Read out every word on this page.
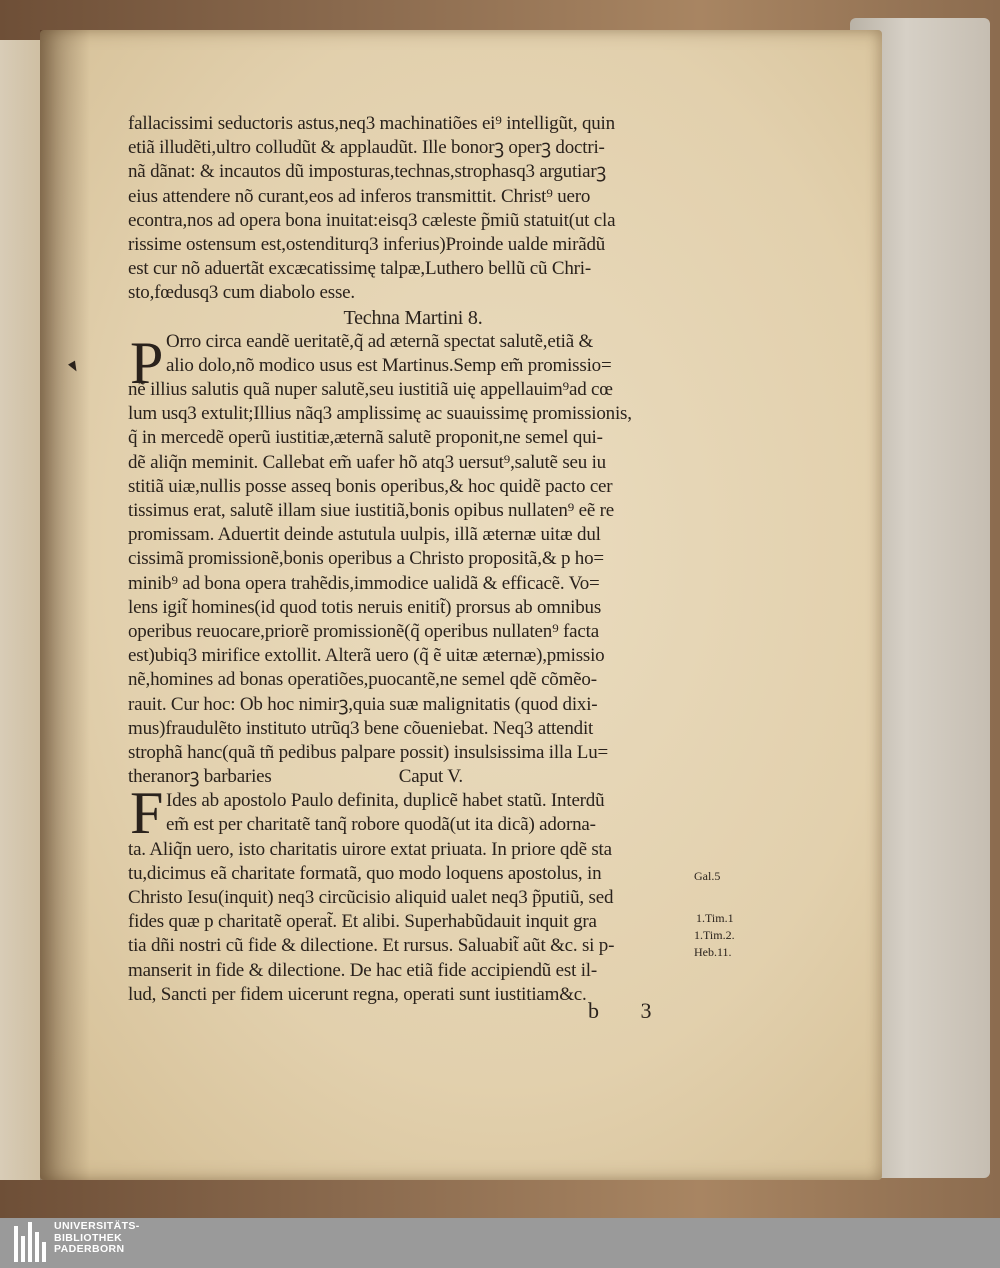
fallacissimi seductoris astus,neq3 machinatiões ei⁹ intelligũt, quin
etiã illudẽti,ultro colludũt & applaudũt. Ille bonorꝫ operꝫ doctri-
nã dãnat: & incautos dũ imposturas,technas,strophasq3 argutiarꝫ
eius attendere nõ curant,eos ad inferos transmittit. Christ⁹ uero
econtra,nos ad opera bona inuitat:eisq3 cæleste p̃miũ statuit(ut cla
rissime ostensum est,ostenditurq3 inferius)Proinde ualde mirãdũ
est cur nõ aduertãt excæcatissimę talpæ,Luthero bellũ cũ Chri-
sto,fœdusq3 cum diabolo esse.
Techna Martini 8.
Orro circa eandẽ ueritatẽ,q̃ ad æternã spectat salutẽ,etiã &
alio dolo,nõ modico usus est Martinus.Semp em̃ promissio=
nẽ illius salutis quã nuper salutẽ,seu iustitiã uię appellauim⁹ad cœ
lum usq3 extulit;Illius nãq3 amplissimę ac suauissimę promissionis,
q̃ in mercedẽ operũ iustitiæ,æternã salutẽ proponit,ne semel qui-
dẽ aliq̃n meminit. Callebat em̃ uafer hõ atq3 uersut⁹,salutẽ seu iu
stitiã uiæ,nullis posse asseq bonis operibus,& hoc quidẽ pacto cer
tissimus erat, salutẽ illam siue iustitiã,bonis opibus nullaten⁹ eẽ re
promissam. Aduertit deinde astutula uulpis, illã æternæ uitæ dul
cissimã promissionẽ,bonis operibus a Christo propositã,& p ho=
minib⁹ ad bona opera trahẽdis,immodice ualidã & efficacẽ. Vo=
lens igit̃ homines(id quod totis neruis enitit̃) prorsus ab omnibus
operibus reuocare,priorẽ promissionẽ(q̃ operibus nullaten⁹ facta
est)ubiq3 mirifice extollit. Alterã uero (q̃ ẽ uitæ æternæ),pmissio
nẽ,homines ad bonas operatiões,puocantẽ,ne semel qdẽ cõmẽo-
rauit. Cur hoc: Ob hoc nimirꝫ,quia suæ malignitatis (quod dixi-
mus)fraudulẽto instituto utrũq3 bene cõueniebat. Neq3 attendit
strophã hanc(quã tñ pedibus palpare possit) insulsissima illa Lu=
theranorꝫ barbaries	Caput V.
Ides ab apostolo Paulo definita, duplicẽ habet statũ. Interdũ
em̃ est per charitatẽ tanq̃ robore quodã(ut ita dicã) adorna-
ta. Aliq̃n uero, isto charitatis uirore extat priuata. In priore qdẽ sta
tu,dicimus eã charitate formatã, quo modo loquens apostolus, in
Christo Iesu(inquit) neq3 circũcisio aliquid ualet neq3 p̃putiũ, sed
fides quæ p charitatẽ operat̃. Et alibi. Superhabũdauit inquit gra
tia dñi nostri cũ fide & dilectione. Et rursus. Saluabit̃ aũt &c. si p-
manserit in fide & dilectione. De hac etiã fide accipiendũ est il-
lud, Sancti per fidem uicerunt regna, operati sunt iustitiam&c.
P
F
Gal.5
1.Tim.1
1.Tim.2.
Heb.11.
b 3
UNIVERSITÄTS-
BIBLIOTHEK
PADERBORN
